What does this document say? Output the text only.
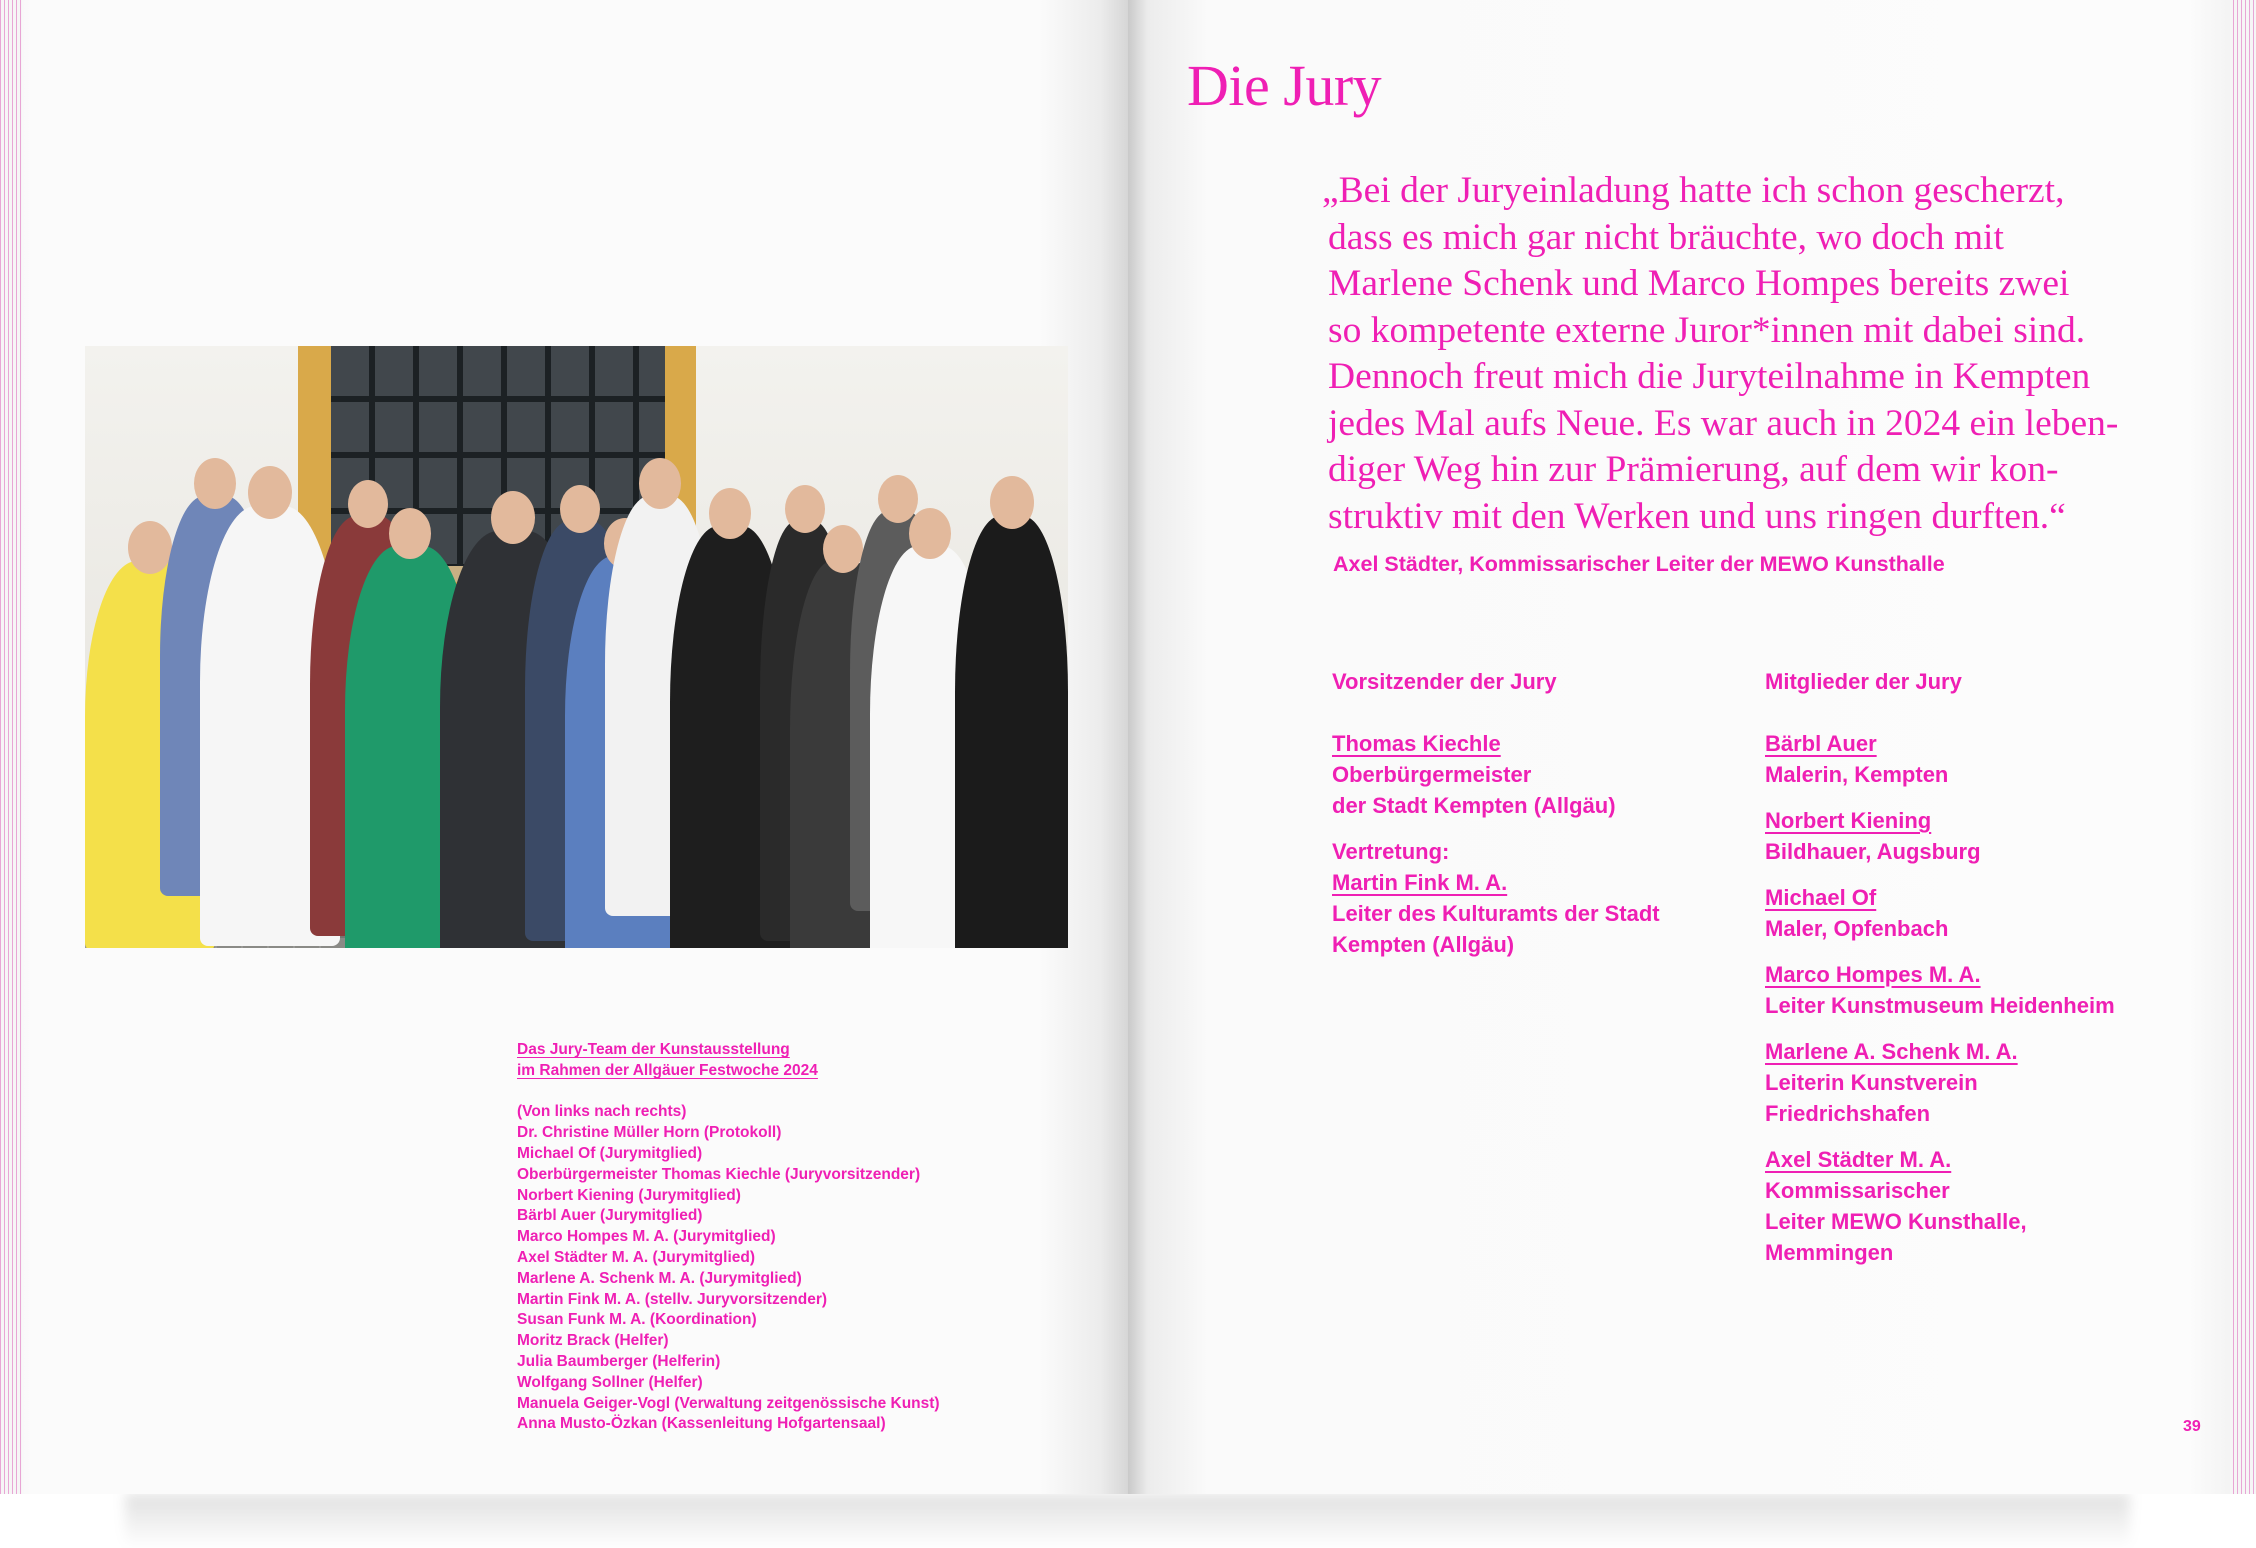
Das Jury-Team der Kunstausstellung
im Rahmen der Allgäuer Festwoche 2024
(Von links nach rechts)
Dr. Christine Müller Horn (Protokoll)
Michael Of (Jurymitglied)
Oberbürgermeister Thomas Kiechle (Juryvorsitzender)
Norbert Kiening (Jurymitglied)
Bärbl Auer (Jurymitglied)
Marco Hompes M. A. (Jurymitglied)
Axel Städter M. A. (Jurymitglied)
Marlene A. Schenk M. A. (Jurymitglied)
Martin Fink M. A. (stellv. Juryvorsitzender)
Susan Funk M. A. (Koordination)
Moritz Brack (Helfer)
Julia Baumberger (Helferin)
Wolfgang Sollner (Helfer)
Manuela Geiger-Vogl (Verwaltung zeitgenössische Kunst)
Anna Musto-Özkan (Kassenleitung Hofgartensaal)
Die Jury
„Bei der Juryeinladung hatte ich schon gescherzt,
dass es mich gar nicht bräuchte, wo doch mit
Marlene Schenk und Marco Hompes bereits zwei
so kompetente externe Juror*innen mit dabei sind.
Dennoch freut mich die Juryteilnahme in Kempten
jedes Mal aufs Neue. Es war auch in 2024 ein leben-
diger Weg hin zur Prämierung, auf dem wir kon-
struktiv mit den Werken und uns ringen durften.“
Axel Städter, Kommissarischer Leiter der MEWO Kunsthalle
Vorsitzender der Jury
Thomas Kiechle
Oberbürgermeister
der Stadt Kempten (Allgäu)
Vertretung:
Martin Fink M. A.
Leiter des Kulturamts der Stadt
Kempten (Allgäu)
Mitglieder der Jury
Bärbl Auer
Malerin, Kempten
Norbert Kiening
Bildhauer, Augsburg
Michael Of
Maler, Opfenbach
Marco Hompes M. A.
Leiter Kunstmuseum Heidenheim
Marlene A. Schenk M. A.
Leiterin Kunstverein
Friedrichshafen
Axel Städter M. A.
Kommissarischer
Leiter MEWO Kunsthalle,
Memmingen
39
